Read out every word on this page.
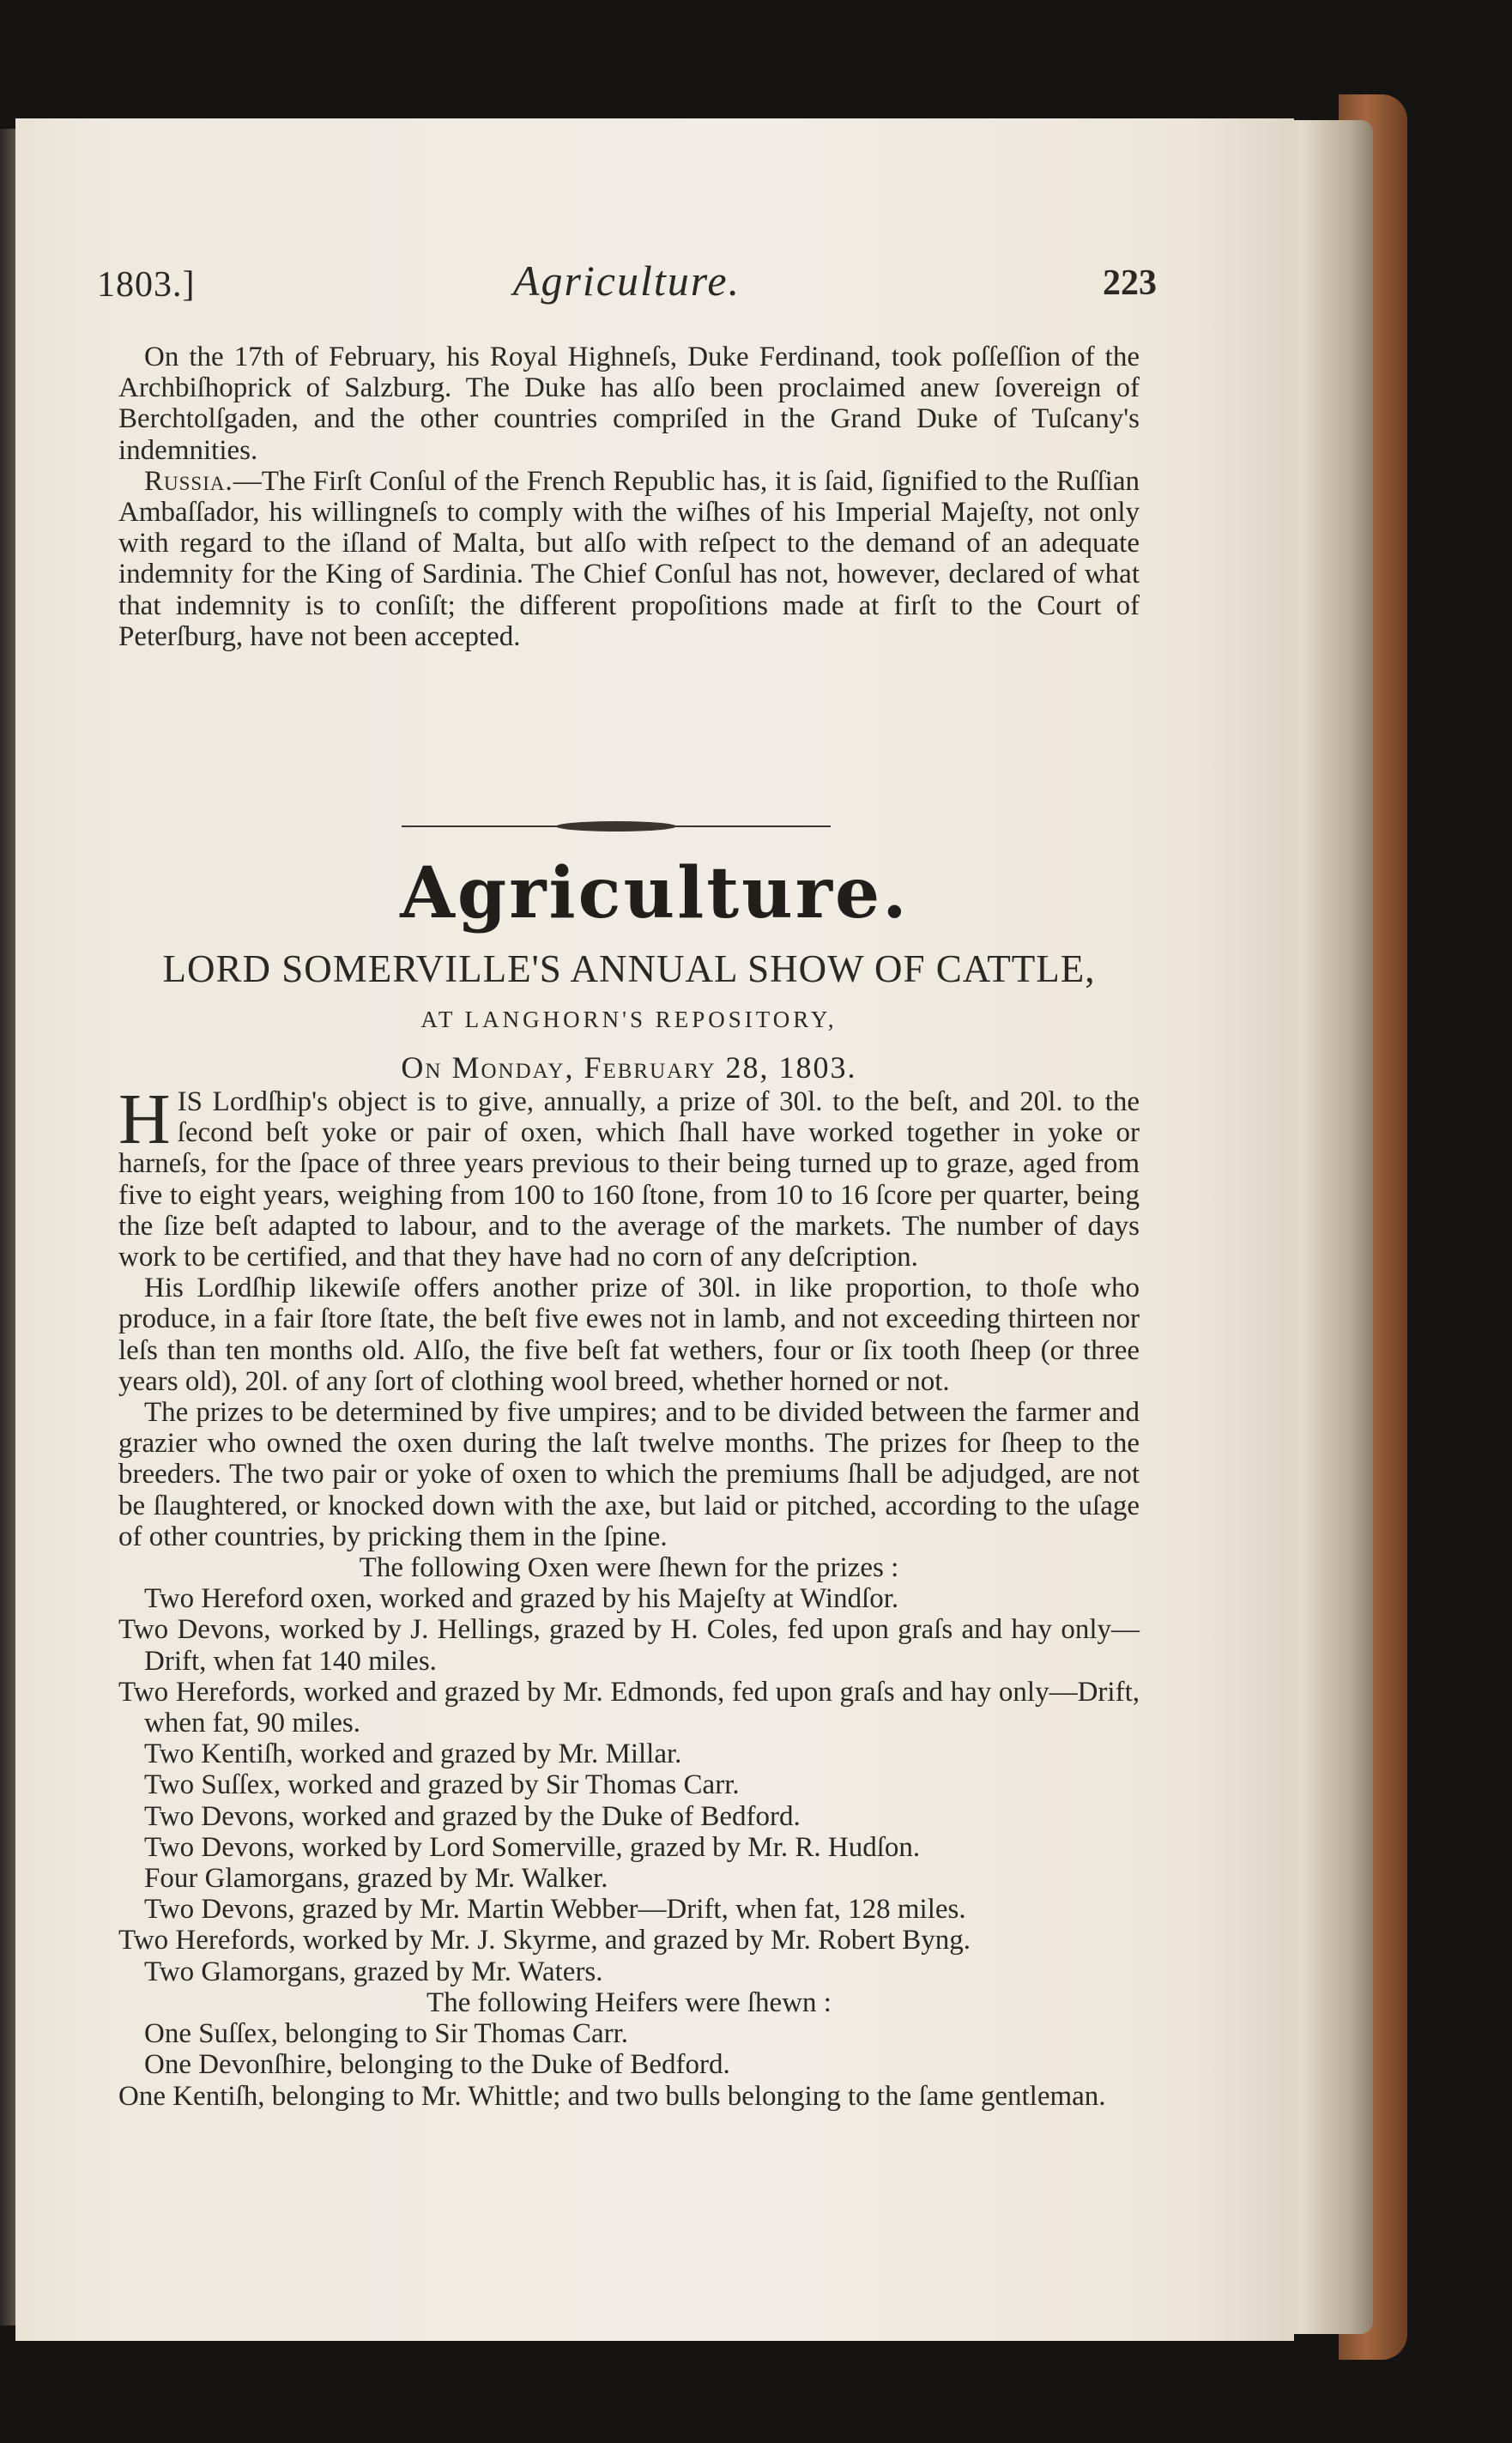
1803.]	Agriculture.	223

On the 17th of February, his Royal Highneſs, Duke Ferdinand, took poſſeſſion of the Archbiſhoprick of Salzburg. The Duke has alſo been proclaimed anew ſovereign of Berchtolſgaden, and the other countries compriſed in the Grand Duke of Tuſcany's indemnities.

Russia.—The Firſt Conſul of the French Republic has, it is ſaid, ſignified to the Ruſſian Ambaſſador, his willingneſs to comply with the wiſhes of his Imperial Majeſty, not only with regard to the iſland of Malta, but alſo with reſpect to the demand of an adequate indemnity for the King of Sardinia. The Chief Conſul has not, however, declared of what that indemnity is to conſiſt; the different propoſitions made at firſt to the Court of Peterſburg, have not been accepted.

Agriculture.
LORD SOMERVILLE'S ANNUAL SHOW OF CATTLE,
AT LANGHORN'S REPOSITORY,
On Monday, February 28, 1803.

HIS Lordſhip's object is to give, annually, a prize of 30l. to the beſt, and 20l. to the ſecond beſt yoke or pair of oxen, which ſhall have worked together in yoke or harneſs, for the ſpace of three years previous to their being turned up to graze, aged from five to eight years, weighing from 100 to 160 ſtone, from 10 to 16 ſcore per quarter, being the ſize beſt adapted to labour, and to the average of the markets. The number of days work to be certified, and that they have had no corn of any deſcription.

His Lordſhip likewiſe offers another prize of 30l. in like proportion, to thoſe who produce, in a fair ſtore ſtate, the beſt five ewes not in lamb, and not exceeding thirteen nor leſs than ten months old. Alſo, the five beſt fat wethers, four or ſix tooth ſheep (or three years old), 20l. of any ſort of clothing wool breed, whether horned or not.

The prizes to be determined by five umpires; and to be divided between the farmer and grazier who owned the oxen during the laſt twelve months. The prizes for ſheep to the breeders. The two pair or yoke of oxen to which the premiums ſhall be adjudged, are not be ſlaughtered, or knocked down with the axe, but laid or pitched, according to the uſage of other countries, by pricking them in the ſpine.

The following Oxen were ſhewn for the prizes :

Two Hereford oxen, worked and grazed by his Majeſty at Windſor.

Two Devons, worked by J. Hellings, grazed by H. Coles, fed upon graſs and hay only—Drift, when fat 140 miles.

Two Herefords, worked and grazed by Mr. Edmonds, fed upon graſs and hay only—Drift, when fat, 90 miles.

Two Kentiſh, worked and grazed by Mr. Millar.

Two Suſſex, worked and grazed by Sir Thomas Carr.

Two Devons, worked and grazed by the Duke of Bedford.

Two Devons, worked by Lord Somerville, grazed by Mr. R. Hudſon.

Four Glamorgans, grazed by Mr. Walker.

Two Devons, grazed by Mr. Martin Webber—Drift, when fat, 128 miles.

Two Herefords, worked by Mr. J. Skyrme, and grazed by Mr. Robert Byng.

Two Glamorgans, grazed by Mr. Waters.

The following Heifers were ſhewn :

One Suſſex, belonging to Sir Thomas Carr.

One Devonſhire, belonging to the Duke of Bedford.

One Kentiſh, belonging to Mr. Whittle; and two bulls belonging to the ſame gentleman.
